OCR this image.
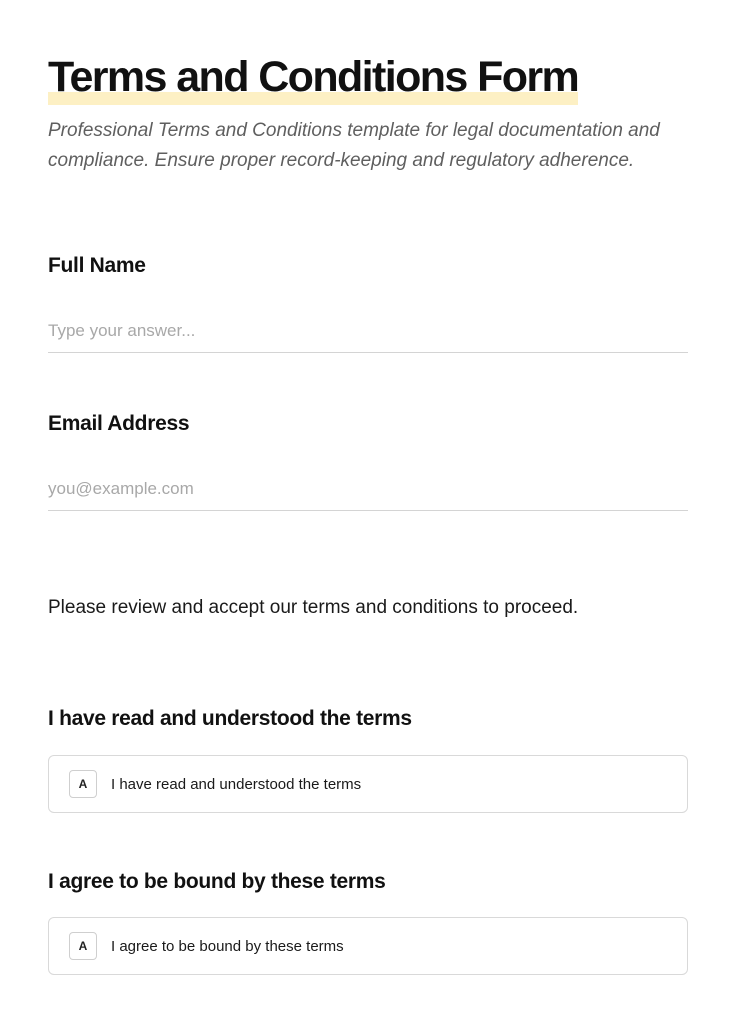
Terms and Conditions Form

Professional Terms and Conditions template for legal documentation and compliance. Ensure proper record-keeping and regulatory adherence.

Full Name
Type your answer...
Email Address
you@example.com

Please review and accept our terms and conditions to proceed.

I have read and understood the terms
A	I have read and understood the terms
I agree to be bound by these terms
A	I agree to be bound by these terms
